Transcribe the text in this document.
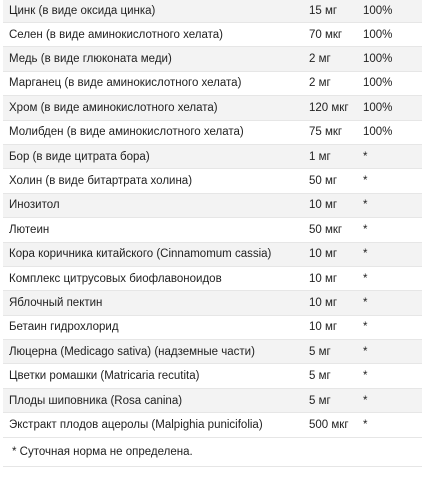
Цинк (в виде оксида цинка)	15 мг	100%
Селен (в виде аминокислотного хелата)	70 мкг	100%
Медь (в виде глюконата меди)	2 мг	100%
Марганец (в виде аминокислотного хелата)	2 мг	100%
Хром (в виде аминокислотного хелата)	120 мкг	100%
Молибден (в виде аминокислотного хелата)	75 мкг	100%
Бор (в виде цитрата бора)	1 мг	*
Холин (в виде битартрата холина)	50 мг	*
Инозитол	10 мг	*
Лютеин	50 мкг	*
Кора коричника китайского (Cinnamomum cassia)	10 мг	*
Комплекс цитрусовых биофлавоноидов	10 мг	*
Яблочный пектин	10 мг	*
Бетаин гидрохлорид	10 мг	*
Люцерна (Medicago sativa) (надземные части)	5 мг	*
Цветки ромашки (Matricaria recutita)	5 мг	*
Плоды шиповника (Rosa canina)	5 мг	*
Экстракт плодов ацеролы (Malpighia punicifolia)	500 мкг	*
* Суточная норма не определена.
